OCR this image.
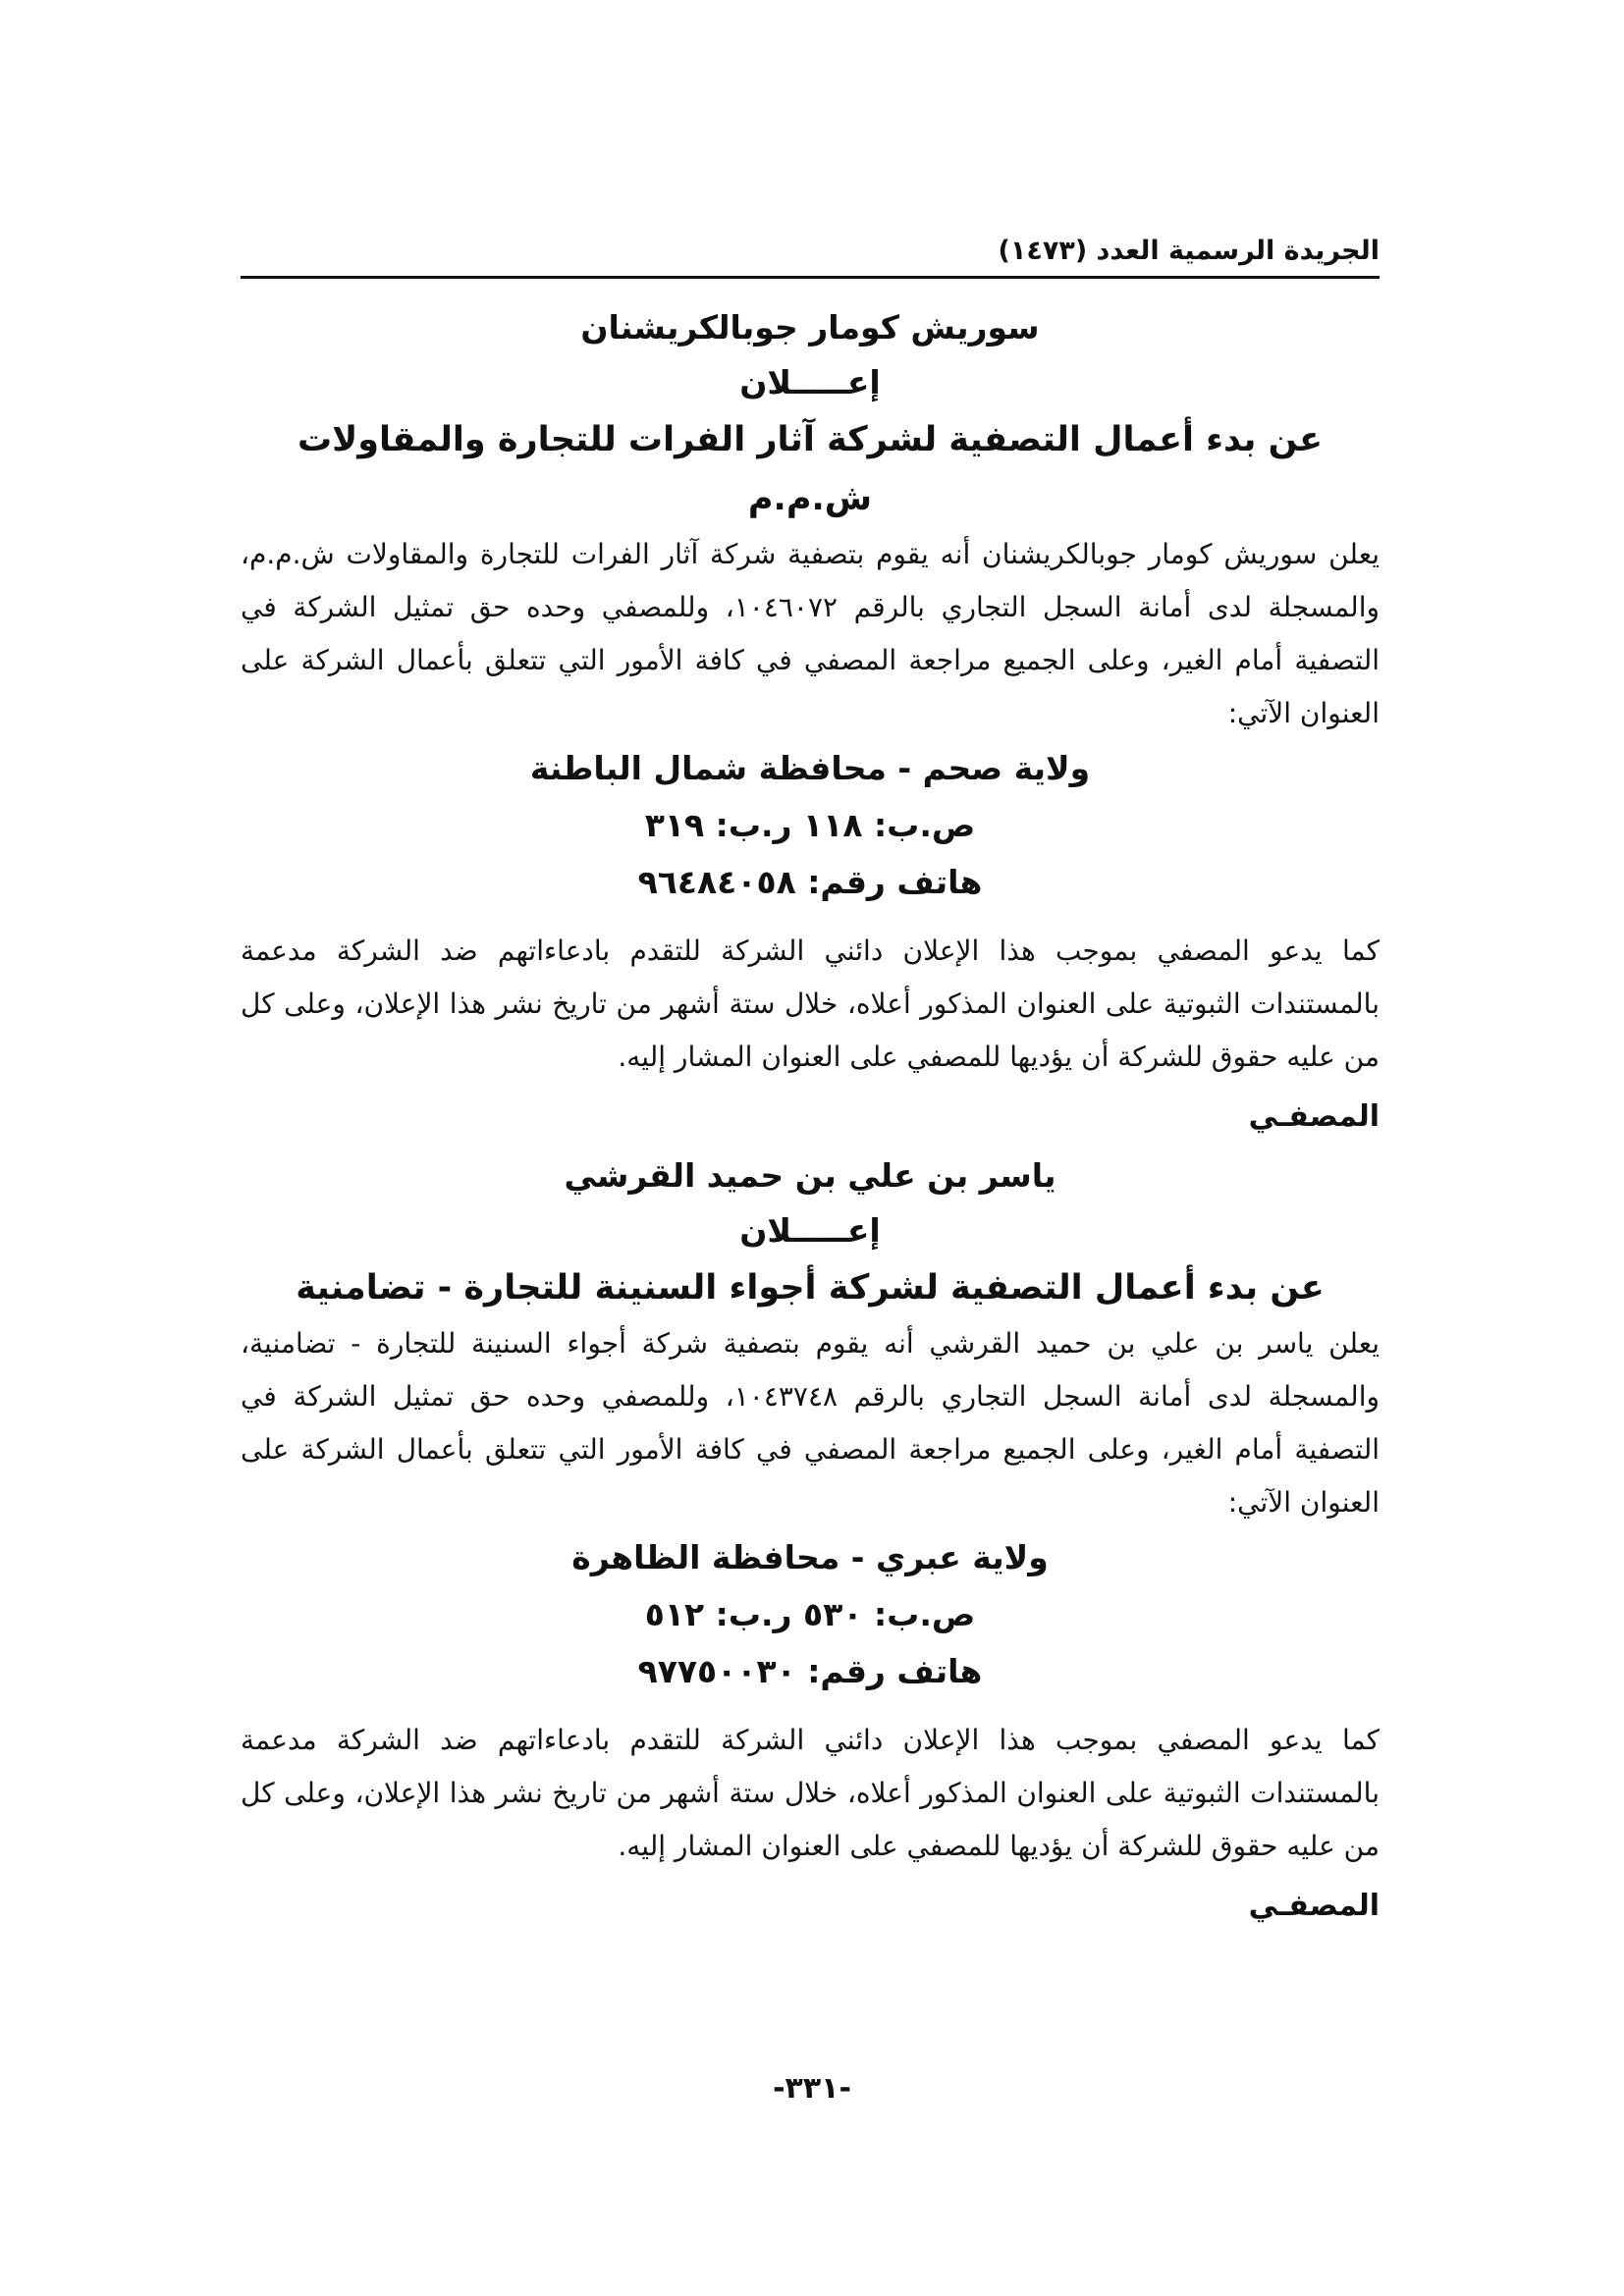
الجريدة الرسمية العدد (١٤٧٣)

سوريش كومار جوبالكريشنان

إعـــــلان

عن بدء أعمال التصفية لشركة آثار الفرات للتجارة والمقاولات ش.م.م

يعلن سوريش كومار جوبالكريشنان أنه يقوم بتصفية شركة آثار الفرات للتجارة والمقاولات ش.م.م، والمسجلة لدى أمانة السجل التجاري بالرقم ١٠٤٦٠٧٢، وللمصفي وحده حق تمثيل الشركة في التصفية أمام الغير، وعلى الجميع مراجعة المصفي في كافة الأمور التي تتعلق بأعمال الشركة على العنوان الآتي:

ولاية صحم - محافظة شمال الباطنة

ص.ب: ١١٨ ر.ب: ٣١٩

هاتف رقم: ٩٦٤٨٤٠٥٨

كما يدعو المصفي بموجب هذا الإعلان دائني الشركة للتقدم بادعاءاتهم ضد الشركة مدعمة بالمستندات الثبوتية على العنوان المذكور أعلاه، خلال ستة أشهر من تاريخ نشر هذا الإعلان، وعلى كل من عليه حقوق للشركة أن يؤديها للمصفي على العنوان المشار إليه.

المصفـي

ياسر بن علي بن حميد القرشي

إعـــــلان

عن بدء أعمال التصفية لشركة أجواء السنينة للتجارة - تضامنية

يعلن ياسر بن علي بن حميد القرشي أنه يقوم بتصفية شركة أجواء السنينة للتجارة - تضامنية، والمسجلة لدى أمانة السجل التجاري بالرقم ١٠٤٣٧٤٨، وللمصفي وحده حق تمثيل الشركة في التصفية أمام الغير، وعلى الجميع مراجعة المصفي في كافة الأمور التي تتعلق بأعمال الشركة على العنوان الآتي:

ولاية عبري - محافظة الظاهرة

ص.ب: ٥٣٠ ر.ب: ٥١٢

هاتف رقم: ٩٧٧٥٠٠٣٠

كما يدعو المصفي بموجب هذا الإعلان دائني الشركة للتقدم بادعاءاتهم ضد الشركة مدعمة بالمستندات الثبوتية على العنوان المذكور أعلاه، خلال ستة أشهر من تاريخ نشر هذا الإعلان، وعلى كل من عليه حقوق للشركة أن يؤديها للمصفي على العنوان المشار إليه.

المصفـي
-٣٣١-
